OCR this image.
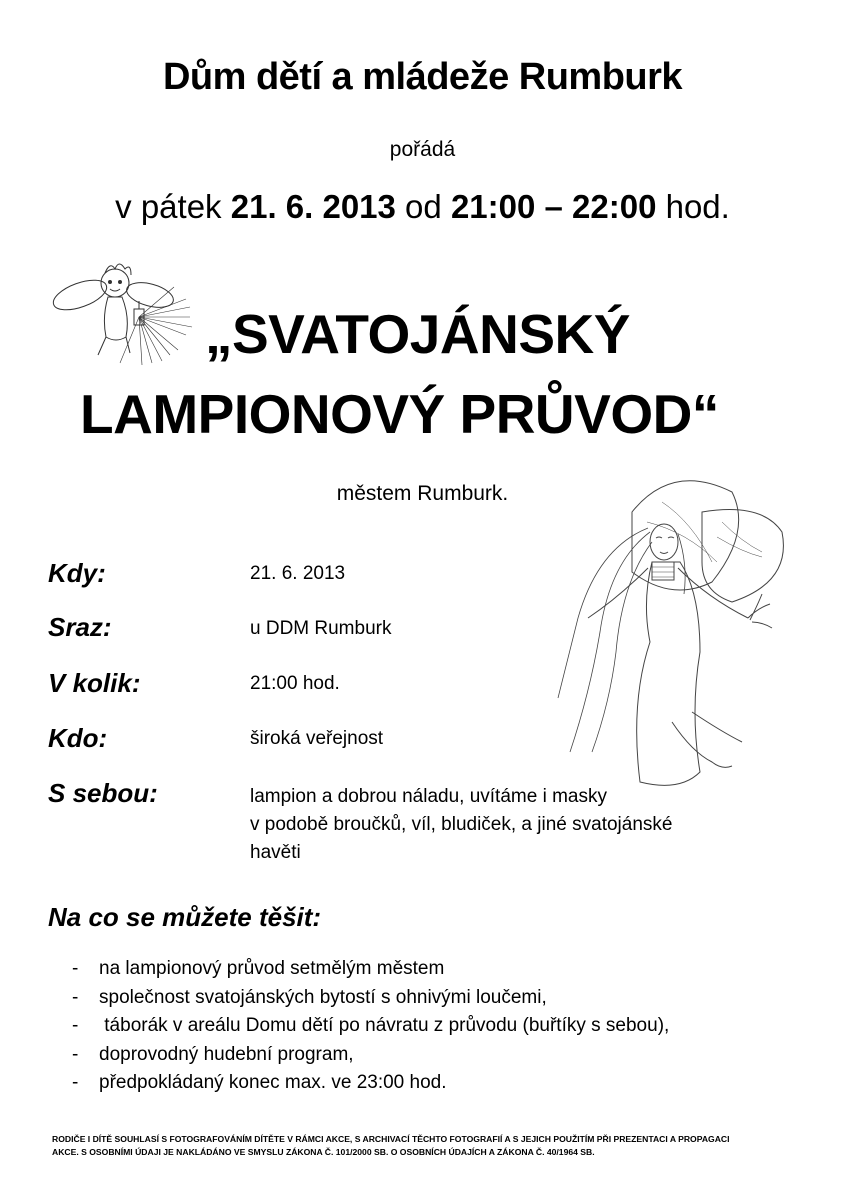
Dům dětí a mládeže Rumburk
pořádá
v pátek 21. 6. 2013 od 21:00 – 22:00 hod.
„SVATOJÁNSKÝ
LAMPIONOVÝ PRŮVOD“
městem Rumburk.
Kdy:	21. 6. 2013
Sraz:	u DDM Rumburk
V kolik:	21:00 hod.
Kdo:	široká veřejnost
S sebou:	lampion a dobrou náladu, uvítáme i masky
v podobě broučků, víl, bludiček, a jiné svatojánské
havěti
Na co se můžete těšit:
- na lampionový průvod setmělým městem
- společnost svatojánských bytostí s ohnivými loučemi,
- táborák v areálu Domu dětí po návratu z průvodu (buřtíky s sebou),
- doprovodný hudební program,
- předpokládaný konec max. ve 23:00 hod.
RODIČE I DÍTĚ SOUHLASÍ S FOTOGRAFOVÁNÍM DÍTĚTE V RÁMCI AKCE, S ARCHIVACÍ TĚCHTO FOTOGRAFIÍ A S JEJICH POUŽITÍM PŘI PREZENTACI A PROPAGACI
AKCE. S OSOBNÍMI ÚDAJI JE NAKLÁDÁNO VE SMYSLU ZÁKONA Č. 101/2000 SB. O OSOBNÍCH ÚDAJÍCH A ZÁKONA Č. 40/1964 SB.
